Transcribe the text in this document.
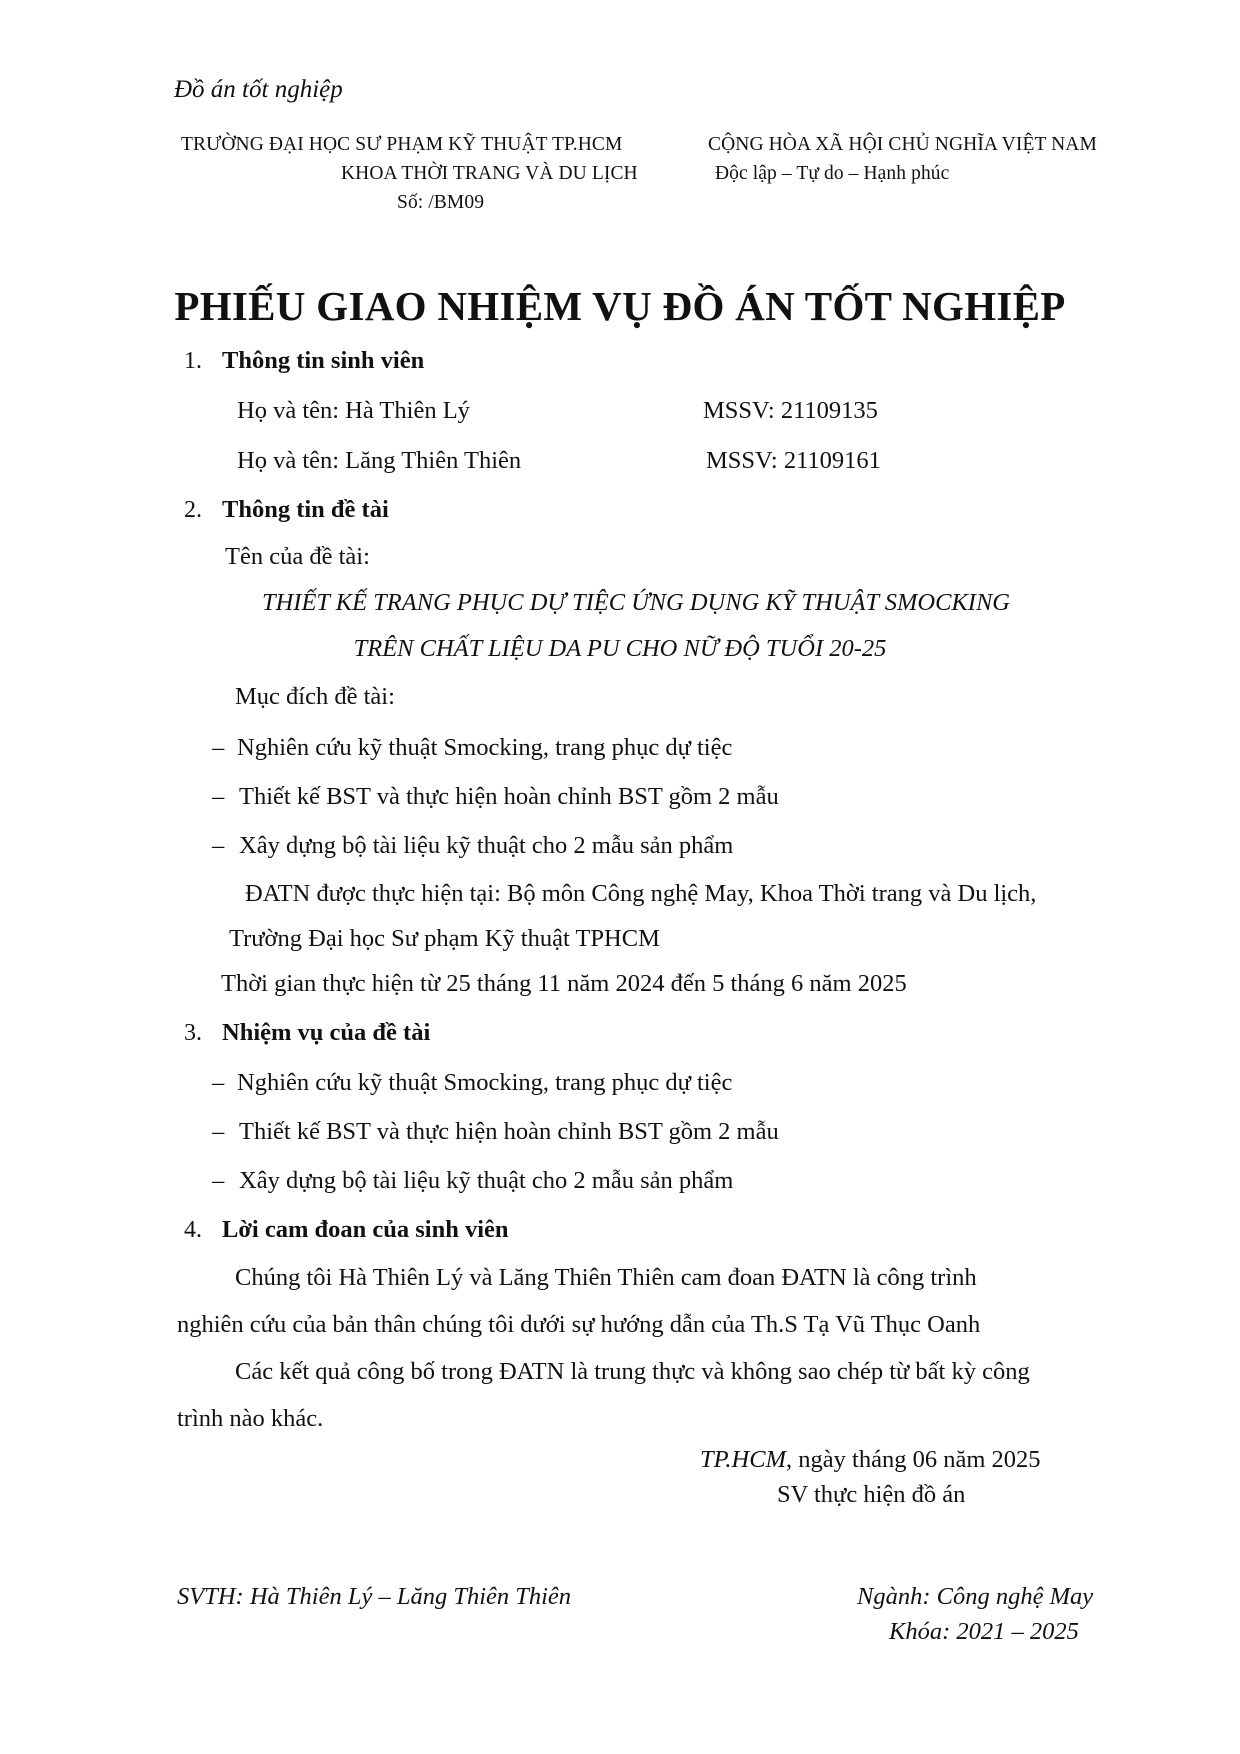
Đồ án tốt nghiệp
TRƯỜNG ĐẠI HỌC SƯ PHẠM KỸ THUẬT TP.HCM
KHOA THỜI TRANG VÀ DU LỊCH
Số: /BM09
CỘNG HÒA XÃ HỘI CHỦ NGHĨA VIỆT NAM
Độc lập – Tự do – Hạnh phúc
PHIẾU GIAO NHIỆM VỤ ĐỒ ÁN TỐT NGHIỆP
1. Thông tin sinh viên
Họ và tên: Hà Thiên Lý	MSSV: 21109135
Họ và tên: Lăng Thiên Thiên	MSSV: 21109161
2. Thông tin đề tài
Tên của đề tài:
THIẾT KẾ TRANG PHỤC DỰ TIỆC ỨNG DỤNG KỸ THUẬT SMOCKING
TRÊN CHẤT LIỆU DA PU CHO NỮ ĐỘ TUỔI 20-25
Mục đích đề tài:
– Nghiên cứu kỹ thuật Smocking, trang phục dự tiệc
– Thiết kế BST và thực hiện hoàn chỉnh BST gồm 2 mẫu
– Xây dựng bộ tài liệu kỹ thuật cho 2 mẫu sản phẩm
ĐATN được thực hiện tại: Bộ môn Công nghệ May, Khoa Thời trang và Du lịch,
Trường Đại học Sư phạm Kỹ thuật TPHCM
Thời gian thực hiện từ 25 tháng 11 năm 2024 đến 5 tháng 6 năm 2025
3. Nhiệm vụ của đề tài
– Nghiên cứu kỹ thuật Smocking, trang phục dự tiệc
– Thiết kế BST và thực hiện hoàn chỉnh BST gồm 2 mẫu
– Xây dựng bộ tài liệu kỹ thuật cho 2 mẫu sản phẩm
4. Lời cam đoan của sinh viên
Chúng tôi Hà Thiên Lý và Lăng Thiên Thiên cam đoan ĐATN là công trình
nghiên cứu của bản thân chúng tôi dưới sự hướng dẫn của Th.S Tạ Vũ Thục Oanh
Các kết quả công bố trong ĐATN là trung thực và không sao chép từ bất kỳ công
trình nào khác.
TP.HCM, ngày tháng 06 năm 2025
SV thực hiện đồ án
SVTH: Hà Thiên Lý – Lăng Thiên Thiên	Ngành: Công nghệ May
Khóa: 2021 – 2025
